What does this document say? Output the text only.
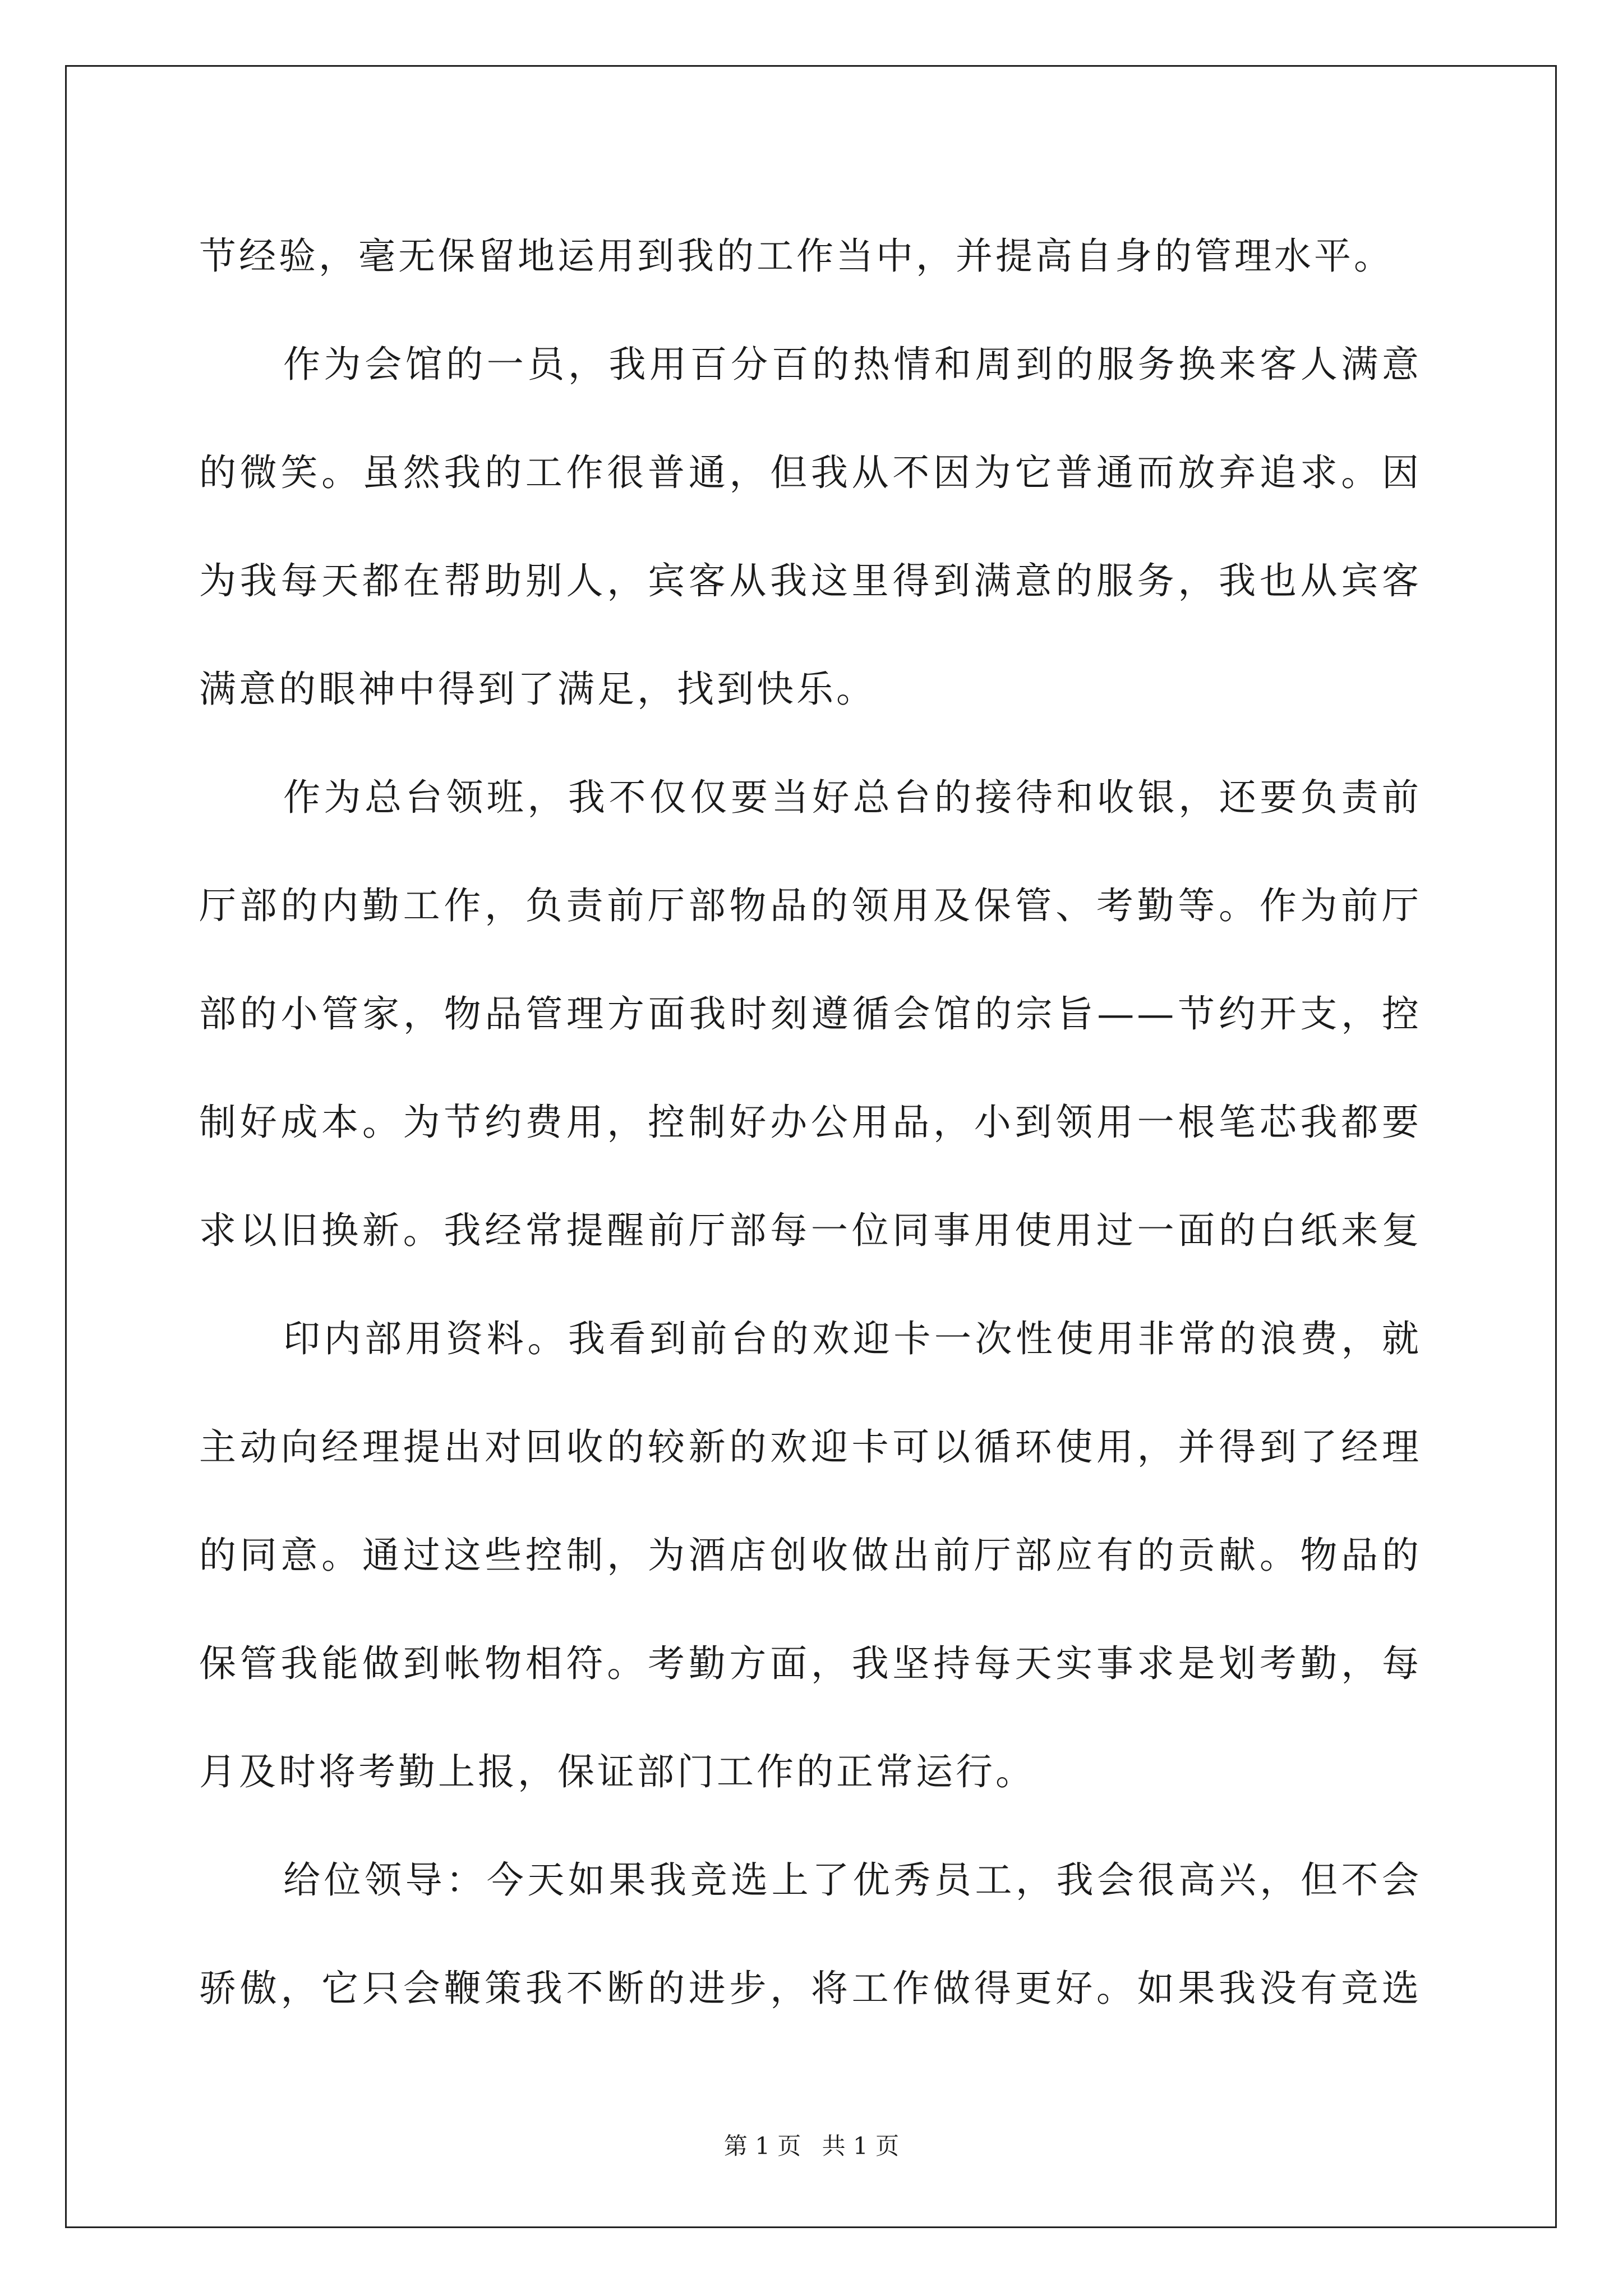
节经验，毫无保留地运用到我的工作当中，并提高自身的管理水平。
作为会馆的一员，我用百分百的热情和周到的服务换来客人满意
的微笑。虽然我的工作很普通，但我从不因为它普通而放弃追求。因
为我每天都在帮助别人，宾客从我这里得到满意的服务，我也从宾客
满意的眼神中得到了满足，找到快乐。
作为总台领班，我不仅仅要当好总台的接待和收银，还要负责前
厅部的内勤工作，负责前厅部物品的领用及保管、考勤等。作为前厅
部的小管家，物品管理方面我时刻遵循会馆的宗旨——节约开支，控
制好成本。为节约费用，控制好办公用品，小到领用一根笔芯我都要
求以旧换新。我经常提醒前厅部每一位同事用使用过一面的白纸来复
印内部用资料。我看到前台的欢迎卡一次性使用非常的浪费，就
主动向经理提出对回收的较新的欢迎卡可以循环使用，并得到了经理
的同意。通过这些控制，为酒店创收做出前厅部应有的贡献。物品的
保管我能做到帐物相符。考勤方面，我坚持每天实事求是划考勤，每
月及时将考勤上报，保证部门工作的正常运行。
给位领导：今天如果我竞选上了优秀员工，我会很高兴，但不会
骄傲，它只会鞭策我不断的进步，将工作做得更好。如果我没有竞选
第 1 页 共 1 页
